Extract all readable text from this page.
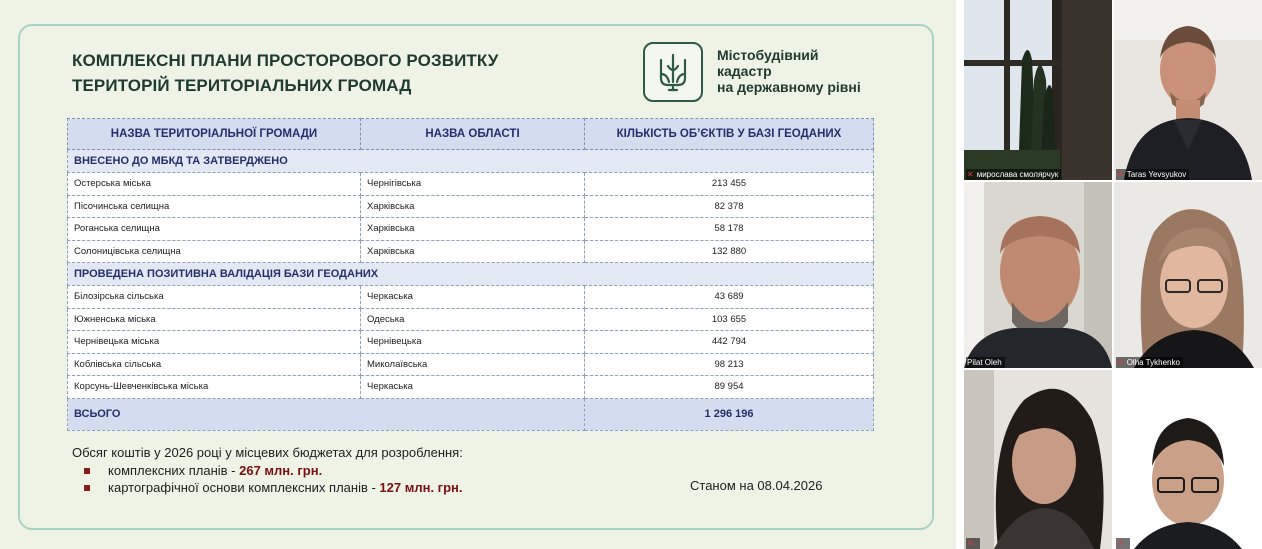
КОМПЛЕКСНІ ПЛАНИ ПРОСТОРОВОГО РОЗВИТКУ
ТЕРИТОРІЙ ТЕРИТОРІАЛЬНИХ ГРОМАД
Містобудівний
кадастр
на державному рівні
НАЗВА ТЕРИТОРІАЛЬНОЇ ГРОМАДИ	НАЗВА ОБЛАСТІ	КІЛЬКІСТЬ ОБ’ЄКТІВ У БАЗІ ГЕОДАНИХ
ВНЕСЕНО ДО МБКД ТА ЗАТВЕРДЖЕНО		
Остерська міська	Чернігівська	213 455
Пісочинська селищна	Харківська	82 378
Роганська селищна	Харківська	58 178
Солоницівська селищна	Харківська	132 880
ПРОВЕДЕНА ПОЗИТИВНА ВАЛІДАЦІЯ БАЗИ ГЕОДАНИХ		
Білозірська сільська	Черкаська	43 689
Южненська міська	Одеська	103 655
Чернівецька міська	Чернівецька	442 794
Коблівська сільська	Миколаївська	98 213
Корсунь-Шевченківська міська	Черкаська	89 954
ВСЬОГО		1 296 196
Обсяг коштів у 2026 році у місцевих бюджетах для розроблення:
комплексних планів - 267 млн. грн.
картографічної основи комплексних планів - 127 млн. грн.	Станом на 08.04.2026
✕ мирослава смолярчук	✕ Taras Yevsyukov
Pilat Oleh	✕ Olha Tykhenko
✕	✕
